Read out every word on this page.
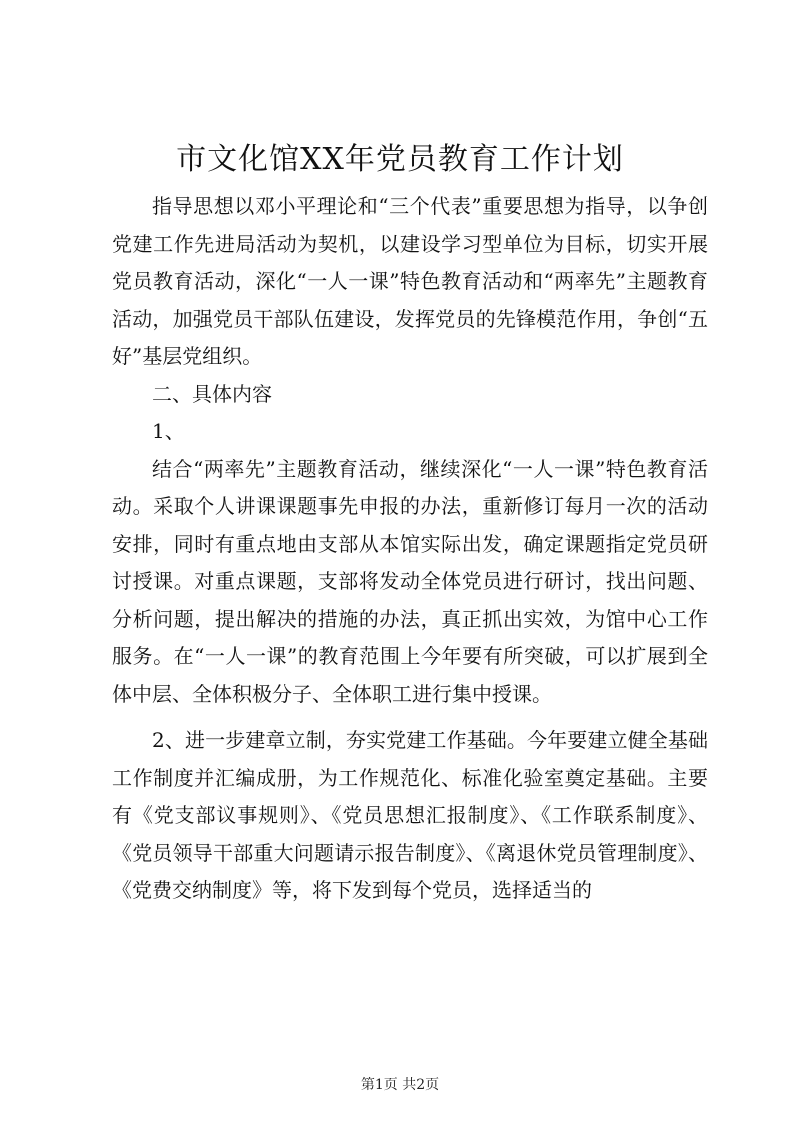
市文化馆XX年党员教育工作计划

指导思想以邓小平理论和“三个代表”重要思想为指导，以争创党建工作先进局活动为契机，以建设学习型单位为目标，切实开展党员教育活动，深化“一人一课”特色教育活动和“两率先”主题教育活动，加强党员干部队伍建设，发挥党员的先锋模范作用，争创“五好”基层党组织。

二、具体内容

1、

结合“两率先”主题教育活动，继续深化“一人一课”特色教育活动。采取个人讲课课题事先申报的办法，重新修订每月一次的活动安排，同时有重点地由支部从本馆实际出发，确定课题指定党员研讨授课。对重点课题，支部将发动全体党员进行研讨，找出问题、分析问题，提出解决的措施的办法，真正抓出实效，为馆中心工作服务。在“一人一课”的教育范围上今年要有所突破，可以扩展到全体中层、全体积极分子、全体职工进行集中授课。

2、进一步建章立制，夯实党建工作基础。今年要建立健全基础工作制度并汇编成册，为工作规范化、标准化验室奠定基础。主要有《党支部议事规则》、《党员思想汇报制度》、《工作联系制度》、《党员领导干部重大问题请示报告制度》、《离退休党员管理制度》、《党费交纳制度》等，将下发到每个党员，选择适当的

第1页 共2页
